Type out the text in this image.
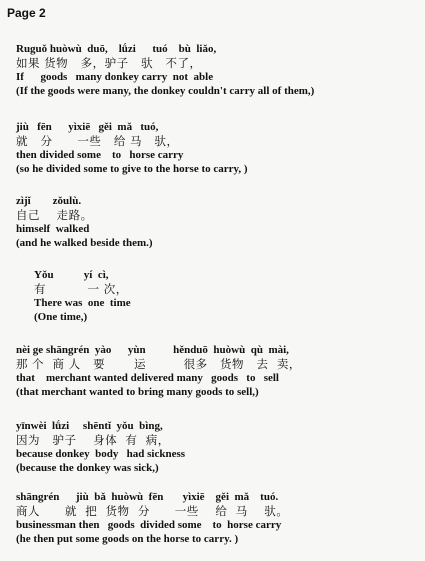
Page 2
Ruguǒ huòwù  duō,    lǘzi      tuó    bù  liǎo,
如果 货物   多，驴子   驮   不了，
If      goods   many donkey carry  not  able
(If the goods were many, the donkey couldn't carry all of them,)
jiù   fēn      yìxiē   gěi  mǎ   tuó,
就   分      一些   给 马   驮，
then divided some    to   horse carry
(so he divided some to give to the horse to carry, )
zìjǐ        zǒulù.
自己    走路。
himself  walked
(and he walked beside them.)
Yǒu           yí  cì,
有          一 次，
There was  one  time
(One time,)
nèi ge shāngrén  yào      yùn          hěnduō  huòwù  qù  mài,
那 个  商 人   要       运         很多   货物   去  卖，
that    merchant wanted delivered many   goods   to   sell
(that merchant wanted to bring many goods to sell,)
yīnwèi  lǘzi     shēntǐ  yǒu  bìng,
因为   驴子    身体  有  病，
because donkey  body   had sickness
(because the donkey was sick,)
shāngrén      jiù  bǎ  huòwù  fēn       yìxiē    gěi  mǎ    tuó.
商人      就  把  货物  分      一些    给  马    驮。
businessman then   goods  divided some    to  horse carry
(he then put some goods on the horse to carry. )
